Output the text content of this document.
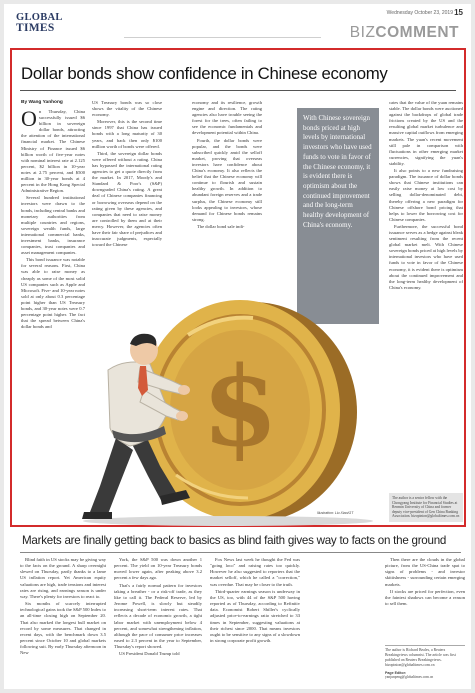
GLOBAL
TIMES
Wednesday October 23, 2019 15
BIZCOMMENT
Dollar bonds show confidence in Chinese economy
By Wang Yanhong

On Thursday, China successfully issued $6 billion in sovereign dollar bonds, attracting the attention of the international financial market. The Chinese Ministry of Finance issued $6 billion worth of five-year notes with nominal interest rate at 2.125 percent, $2 billion in 10-year notes at 2.75 percent, and $500 million in 30-year bonds at 4 percent in the Hong Kong Special Administrative Region.

Several hundred institutional investors were drawn to the bonds, including central banks and monetary authorities from multiple countries and regions, sovereign wealth funds, large international commercial banks, investment banks, insurance companies, trust companies and asset management companies.

This bond issuance was notable for several reasons. First, China was able to raise money as cheaply as some of the most solid US companies such as Apple and Microsoft. Five- and 10-year notes sold at only about 0.3 percentage point higher than US Treasury bonds, and 30-year notes were 0.7 percentage point higher. The fact that the spread between China's dollar bonds and

US Treasury bonds was so close shows the vitality of the Chinese economy.

Moreover, this is the second time since 1997 that China has issued bonds with a long maturity of 30 years, and back then only $100 million worth of bonds were offered.

Third, the sovereign dollar bonds were offered without a rating. China has bypassed the international rating agencies to get a quote directly from the market. In 2017, Moody's and Standard & Poor's (S&P) downgraded China's rating. A great deal of Chinese companies financing or borrowing overseas depend on the rating given by these agencies, and companies that need to raise money are controlled by them and at their mercy. However, the agencies often have their fair share of prejudices and inaccurate judgments, especially toward the Chinese

economy and its resilience, growth engine and direction. The rating agencies also have trouble seeing the forest for the trees, often failing to see the economic fundamentals and development potential within China.

Fourth, the dollar bonds were popular, and the bonds were subscribed quickly amid the selloff market, proving that overseas investors have confidence about China's economy. It also reflects the belief that the Chinese economy will continue to flourish and sustain healthy growth. In addition to abundant foreign reserves and a trade surplus, the Chinese economy still looks appealing to investors, whose demand for Chinese bonds remains strong.

The dollar bond sale indi-

With Chinese sovereign bonds priced at high levels by international investors who have used funds to vote in favor of the Chinese economy, it is evident there is optimism about the continued improvement and the long-term healthy development of China's economy.

cates that the value of the yuan remains stable. The dollar bonds were auctioned against the backdrops of global trade frictions created by the US and the resulting global market turbulence and massive capital outflows from emerging markets. The yuan's recent movement still pale in comparison with fluctuations in other emerging market currencies, signifying the yuan's stability.

It also points to a new fundraising paradigm. The issuance of dollar bonds shows that Chinese institutions can easily raise money at low cost by selling dollar-denominated debt, thereby offering a new paradigm for Chinese offshore bond pricing that helps to lower the borrowing cost for Chinese companies.

Furthermore, the successful bond issuance serves as a hedge against bleak sentiment resulting from the recent global market melt. With Chinese sovereign bonds priced at high levels by international investors who have used funds to vote in favor of the Chinese economy, it is evident there is optimism about the continued improvement and the long-term healthy development of China's economy.

$
Illustration: Liu Xiao/GT
The author is a senior fellow with the Chongyang Institute for Financial Studies at Renmin University of China and former deputy vice-president of Gen China Banking Association. bizopinion@globaltimes.com.cn
Markets are finally getting back to basics as blind faith gives way to facts on the ground

Blind faith in US stocks may be giving way to the facts on the ground. A sharp overnight slewed on Thursday, partly thanks to a lame US inflation report. Yet American equity valuations are high, trade tensions and interest rates are rising, and earnings season is under way. There's plenty for investors to react to.

Six months of scarcely interrupted technological gains took the S&P 500 Index to an all-time closing high on September 20. That also marked the longest bull market on record by some measures. That changed in recent days, with the benchmark down 3.5 percent since October 10 and global markets following suit. By early Thursday afternoon in New

York, the S&P 500 was down another 1 percent. The yield on 10-year Treasury bonds moved lower again, after peaking above 3.2 percent a few days ago.

That's a fairly normal pattern for investors taking a breather - or a risk-off trade, as they like to call it. The Federal Reserve, led by Jerome Powell, is slowly but steadily increasing short-term interest rates. That reflects a decade of economic growth, a tight labor market with unemployment below 4 percent, and somewhat strengthening inflation, although the pace of consumer price increases eased to 2.3 percent in the year to September, Thursday's report showed.

US President Donald Trump told

Fox News last week he thought the Fed was "going loco" and raising rates too quickly. However he also suggested to reporters that the market selloff, which he called a "correction," was overdue. That may be closer to the truth.

Third-quarter earnings season is underway in the US, too, with 44 of the S&P 500 having reported as of Thursday, according to Refinitiv data. Economist Robert Shiller's cyclically adjusted price-to-earnings ratio stretched to 33 times in September, suggesting valuations at their richest since 2000. That means investors ought to be sensitive to any signs of a slowdown in strong corporate profit growth.

Then there are the clouds in the global picture, from the US-China trade spat to signs of problems - and investor skittishness - surrounding certain emerging markets.

If stocks are priced for perfection, even the faintest shadows can become a reason to sell them.

The author is Richard Beales, a Reuters Breakingviews columnist. The article was first published on Reuters Breakingviews. bizopinion@globaltimes.com.cn
Page Editor:
yanjunpeng@globaltimes.com.cn
